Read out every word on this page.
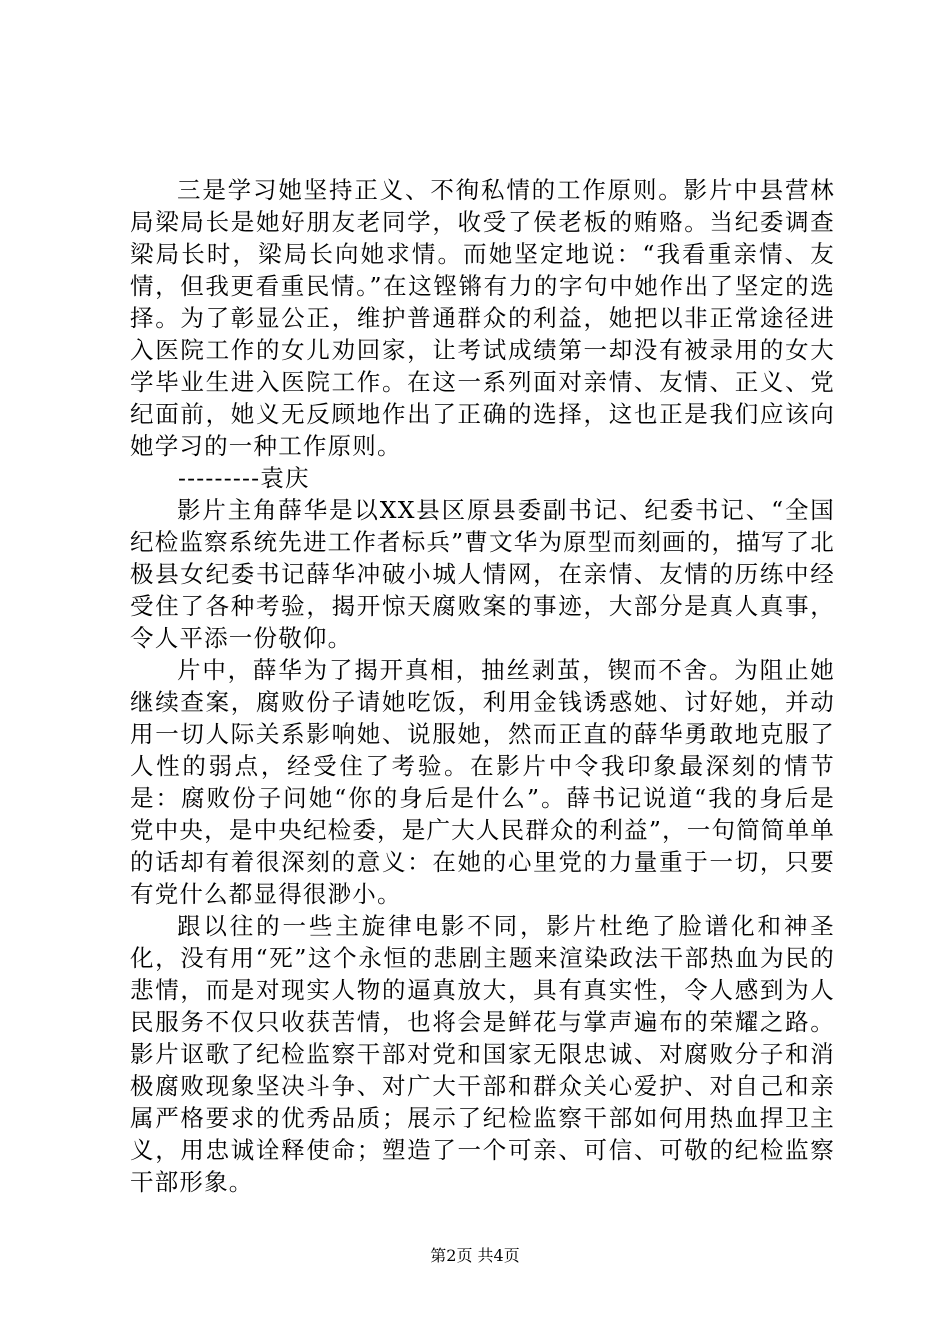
三是学习她坚持正义、不徇私情的工作原则。影片中县营林局梁局长是她好朋友老同学，收受了侯老板的贿赂。当纪委调查梁局长时，梁局长向她求情。而她坚定地说：“我看重亲情、友情，但我更看重民情。”在这铿锵有力的字句中她作出了坚定的选择。为了彰显公正，维护普通群众的利益，她把以非正常途径进入医院工作的女儿劝回家，让考试成绩第一却没有被录用的女大学毕业生进入医院工作。在这一系列面对亲情、友情、正义、党纪面前，她义无反顾地作出了正确的选择，这也正是我们应该向她学习的一种工作原则。

---------袁庆

影片主角薛华是以XX县区原县委副书记、纪委书记、“全国纪检监察系统先进工作者标兵”曹文华为原型而刻画的，描写了北极县女纪委书记薛华冲破小城人情网，在亲情、友情的历练中经受住了各种考验，揭开惊天腐败案的事迹，大部分是真人真事，令人平添一份敬仰。

片中，薛华为了揭开真相，抽丝剥茧，锲而不舍。为阻止她继续查案，腐败份子请她吃饭，利用金钱诱惑她、讨好她，并动用一切人际关系影响她、说服她，然而正直的薛华勇敢地克服了人性的弱点，经受住了考验。在影片中令我印象最深刻的情节是：腐败份子问她“你的身后是什么”。薛书记说道“我的身后是党中央，是中央纪检委，是广大人民群众的利益”，一句简简单单的话却有着很深刻的意义：在她的心里党的力量重于一切，只要有党什么都显得很渺小。

跟以往的一些主旋律电影不同，影片杜绝了脸谱化和神圣化，没有用“死”这个永恒的悲剧主题来渲染政法干部热血为民的悲情，而是对现实人物的逼真放大，具有真实性，令人感到为人民服务不仅只收获苦情，也将会是鲜花与掌声遍布的荣耀之路。影片讴歌了纪检监察干部对党和国家无限忠诚、对腐败分子和消极腐败现象坚决斗争、对广大干部和群众关心爱护、对自己和亲属严格要求的优秀品质；展示了纪检监察干部如何用热血捍卫主义，用忠诚诠释使命；塑造了一个可亲、可信、可敬的纪检监察干部形象。

第2页 共4页
